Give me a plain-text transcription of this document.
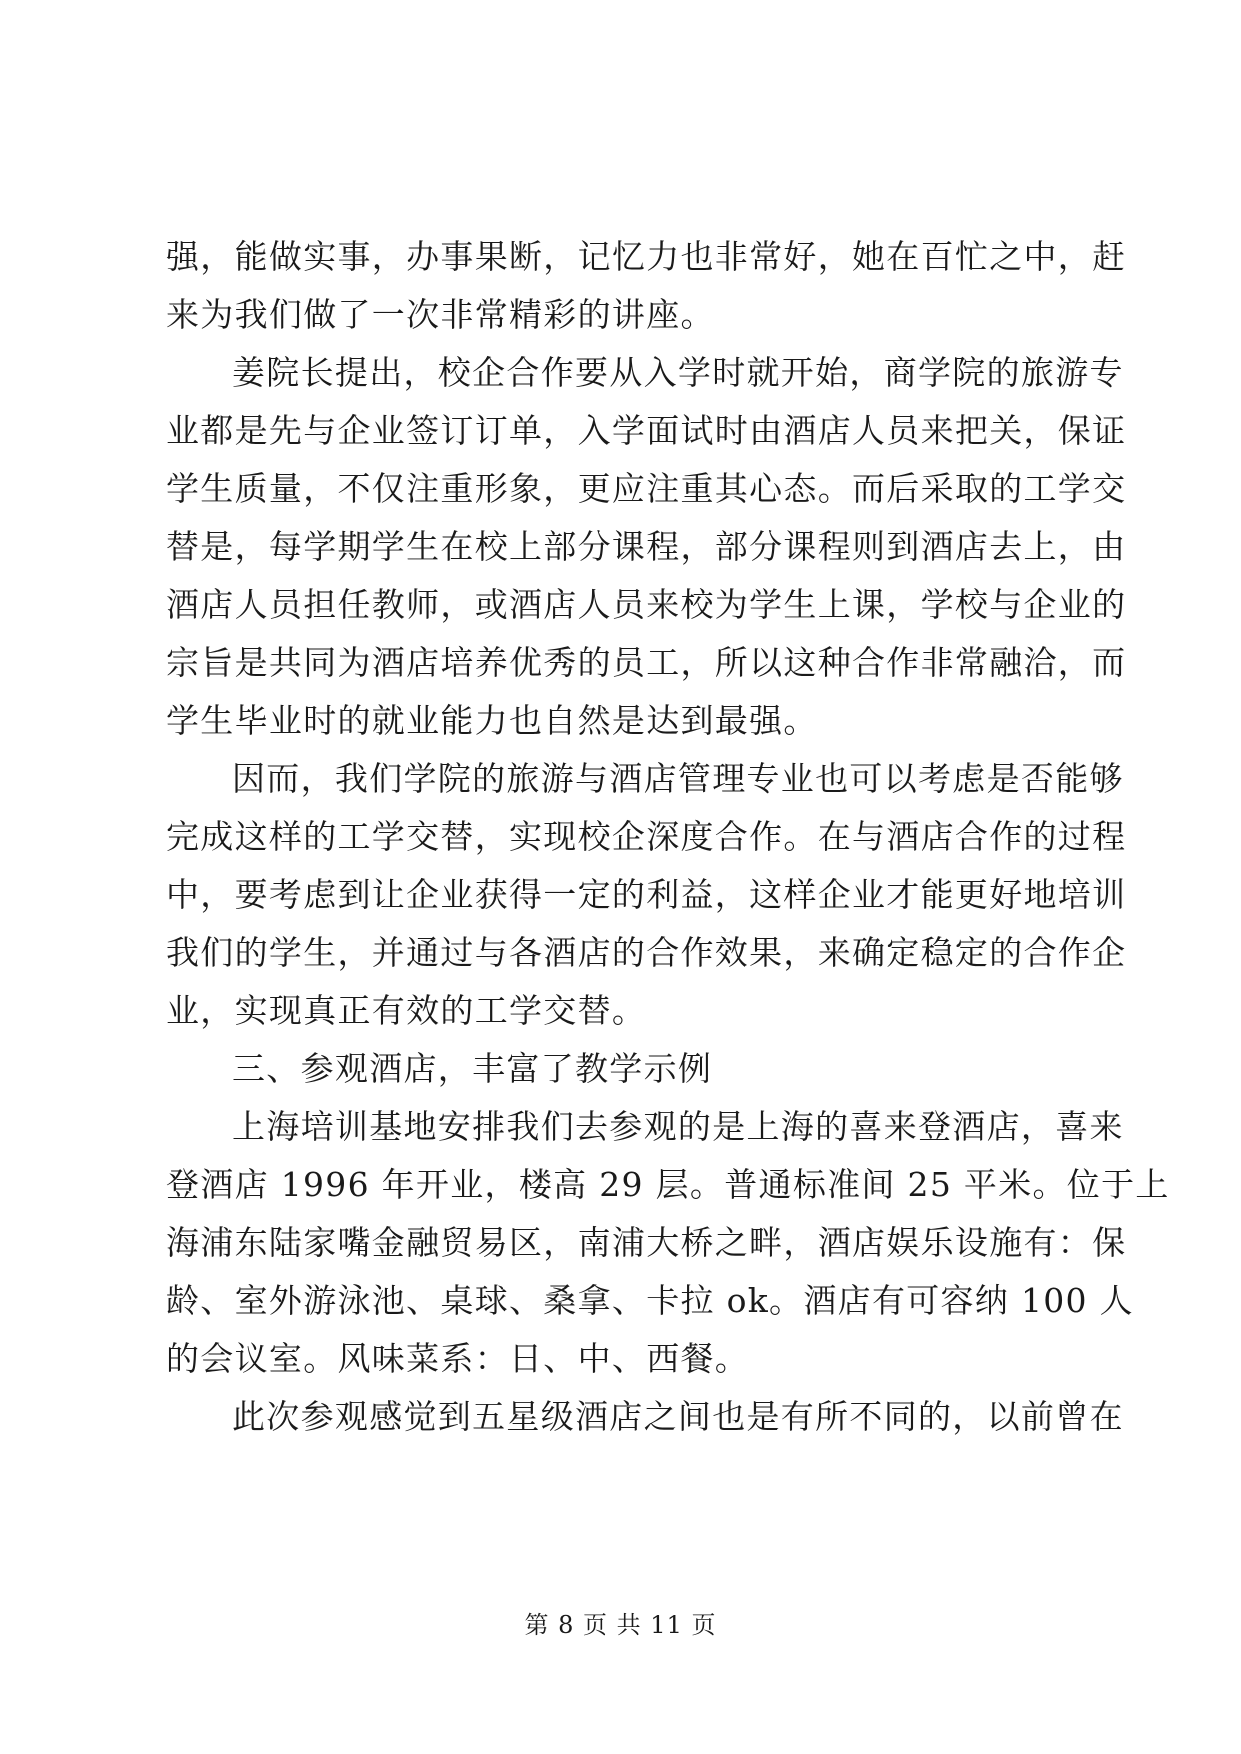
强，能做实事，办事果断，记忆力也非常好，她在百忙之中，赶
来为我们做了一次非常精彩的讲座。
姜院长提出，校企合作要从入学时就开始，商学院的旅游专
业都是先与企业签订订单，入学面试时由酒店人员来把关，保证
学生质量，不仅注重形象，更应注重其心态。而后采取的工学交
替是，每学期学生在校上部分课程，部分课程则到酒店去上，由
酒店人员担任教师，或酒店人员来校为学生上课，学校与企业的
宗旨是共同为酒店培养优秀的员工，所以这种合作非常融洽，而
学生毕业时的就业能力也自然是达到最强。
因而，我们学院的旅游与酒店管理专业也可以考虑是否能够
完成这样的工学交替，实现校企深度合作。在与酒店合作的过程
中，要考虑到让企业获得一定的利益，这样企业才能更好地培训
我们的学生，并通过与各酒店的合作效果，来确定稳定的合作企
业，实现真正有效的工学交替。
三、参观酒店，丰富了教学示例
上海培训基地安排我们去参观的是上海的喜来登酒店，喜来
登酒店 1996 年开业，楼高 29 层。普通标准间 25 平米。位于上
海浦东陆家嘴金融贸易区，南浦大桥之畔，酒店娱乐设施有：保
龄、室外游泳池、桌球、桑拿、卡拉 ok。酒店有可容纳 100 人
的会议室。风味菜系：日、中、西餐。
此次参观感觉到五星级酒店之间也是有所不同的，以前曾在
第 8 页 共 11 页
